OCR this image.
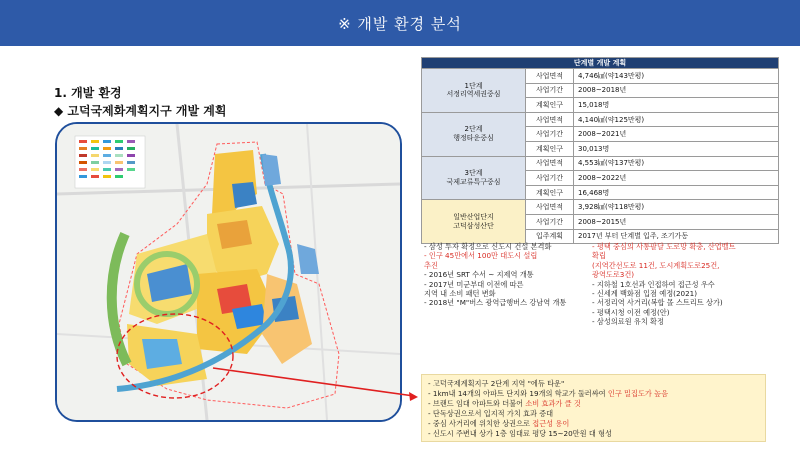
※ 개발 환경 분석
1. 개발 환경
◆ 고덕국제화계획지구 개발 계획
단계별 개발 계획		

1단계
서정리역세권중심	사업면적	4,746㎢(약143만평)
	사업기간	2008~2018년
	계획인구	15,018명

2단계
행정타운중심	사업면적	4,140㎢(약125만평)
	사업기간	2008~2021년
	계획인구	30,013명

3단계
국제교류특구중심	사업면적	4,553㎢(약137만평)
	사업기간	2008~2022년
	계획인구	16,468명

일반산업단지
고덕삼성산단	사업면적	3,928㎢(약118만평)
	사업기간	2008~2015년
	입주계획	2017년 부터 단계별 입주, 조기가동
- 삼성 투자 확정으로 신도시 건설 본격화
- 인구 45만에서 100만 대도시 설립
추진
- 2016년 SRT 수서 ~ 지제역 개통
- 2017년 미군부대 이전에 따른
지역 내 소비 패턴 변화
- 2018년 "M"버스 광역급행버스 강남역 개통
- 평택 중심의 사통팔달 도로망 확충, 산업벨트
확립
(지역간선도로 11건, 도시계획도로25건,
광역도로3건)
- 지하철 1호선과 인접하여 접근성 우수
- 신세계 백화점 입점 예정(2021)
- 서정리역 사거리(복합 몰 스트리트 상가)
- 평택시청 이전 예정(안)
- 삼성의료원 유치 확정
- 고덕국제계획지구 2단계 지역 "에듀 타운"
- 1km내 14개의 아파트 단지와 19개의 학교가 둘러싸여 인구 밀집도가 높음
- 브랜드 임대 아파트와 더불어 소비 효과가 클 것
- 단독상권으로서 입지적 가치 효과 증대
- 중심 사거리에 위치한 상권으로 접근성 용이
- 신도시 주변내 상가 1층 임대료 평당 15~20만원 대 형성
